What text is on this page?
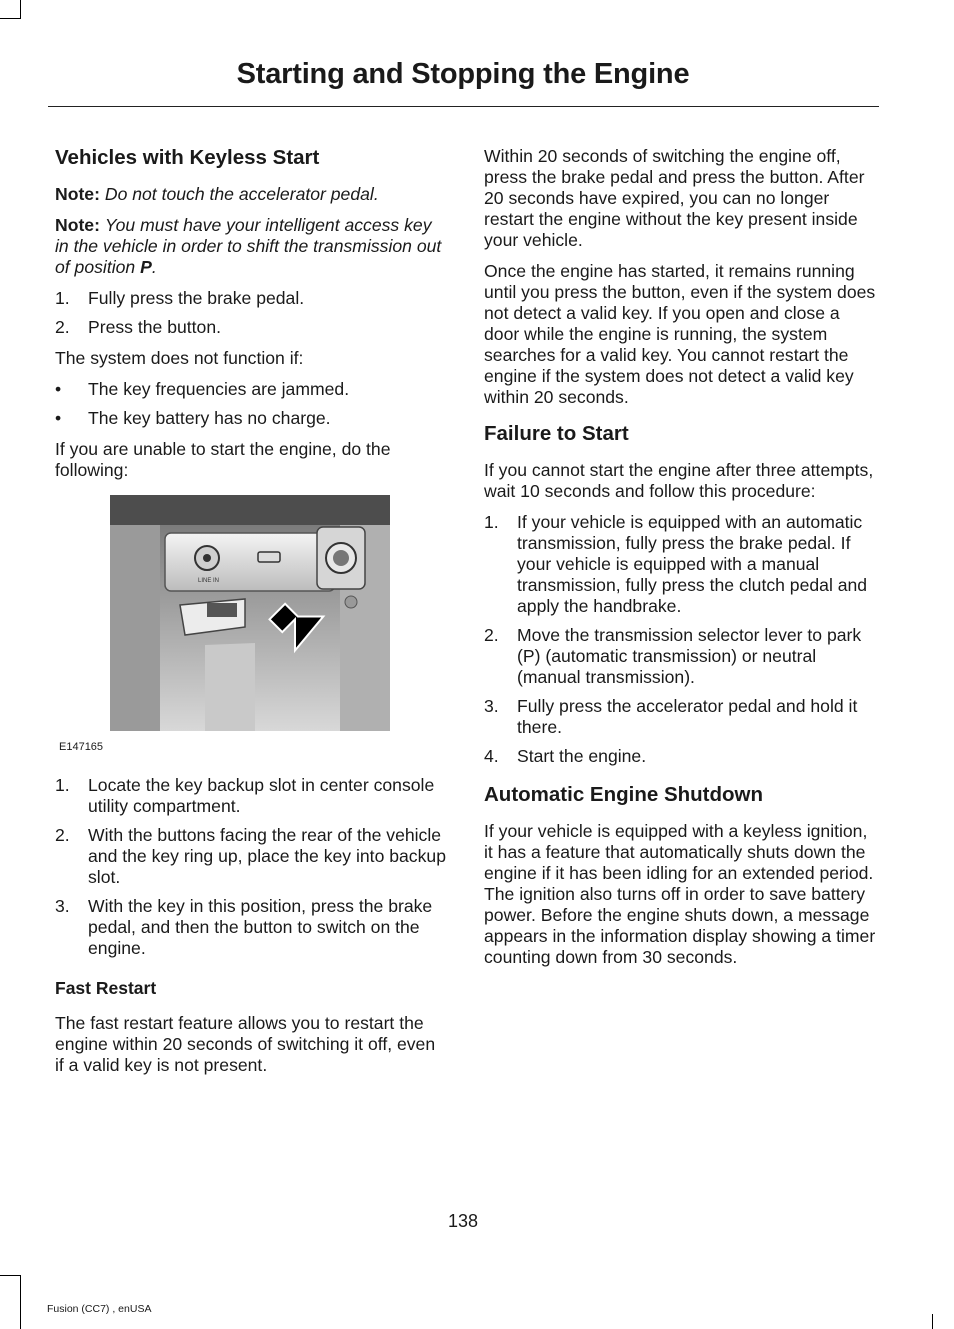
Starting and Stopping the Engine
Vehicles with Keyless Start

Note: Do not touch the accelerator pedal.

Note: You must have your intelligent access key in the vehicle in order to shift the transmission out of position P.

1. Fully press the brake pedal.
2. Press the button.

The system does not function if:

• The key frequencies are jammed.
• The key battery has no charge.

If you are unable to start the engine, do the following:

LINE IN
E147165
1. Locate the key backup slot in center console utility compartment.
2. With the buttons facing the rear of the vehicle and the key ring up, place the key into backup slot.
3. With the key in this position, press the brake pedal, and then the button to switch on the engine.
Fast Restart

The fast restart feature allows you to restart the engine within 20 seconds of switching it off, even if a valid key is not present.

Within 20 seconds of switching the engine off, press the brake pedal and press the button. After 20 seconds have expired, you can no longer restart the engine without the key present inside your vehicle.

Once the engine has started, it remains running until you press the button, even if the system does not detect a valid key. If you open and close a door while the engine is running, the system searches for a valid key. You cannot restart the engine if the system does not detect a valid key within 20 seconds.

Failure to Start

If you cannot start the engine after three attempts, wait 10 seconds and follow this procedure:

1. If your vehicle is equipped with an automatic transmission, fully press the brake pedal. If your vehicle is equipped with a manual transmission, fully press the clutch pedal and apply the handbrake.
2. Move the transmission selector lever to park (P) (automatic transmission) or neutral (manual transmission).
3. Fully press the accelerator pedal and hold it there.
4. Start the engine.
Automatic Engine Shutdown

If your vehicle is equipped with a keyless ignition, it has a feature that automatically shuts down the engine if it has been idling for an extended period. The ignition also turns off in order to save battery power. Before the engine shuts down, a message appears in the information display showing a timer counting down from 30 seconds.

138
Fusion (CC7) , enUSA
